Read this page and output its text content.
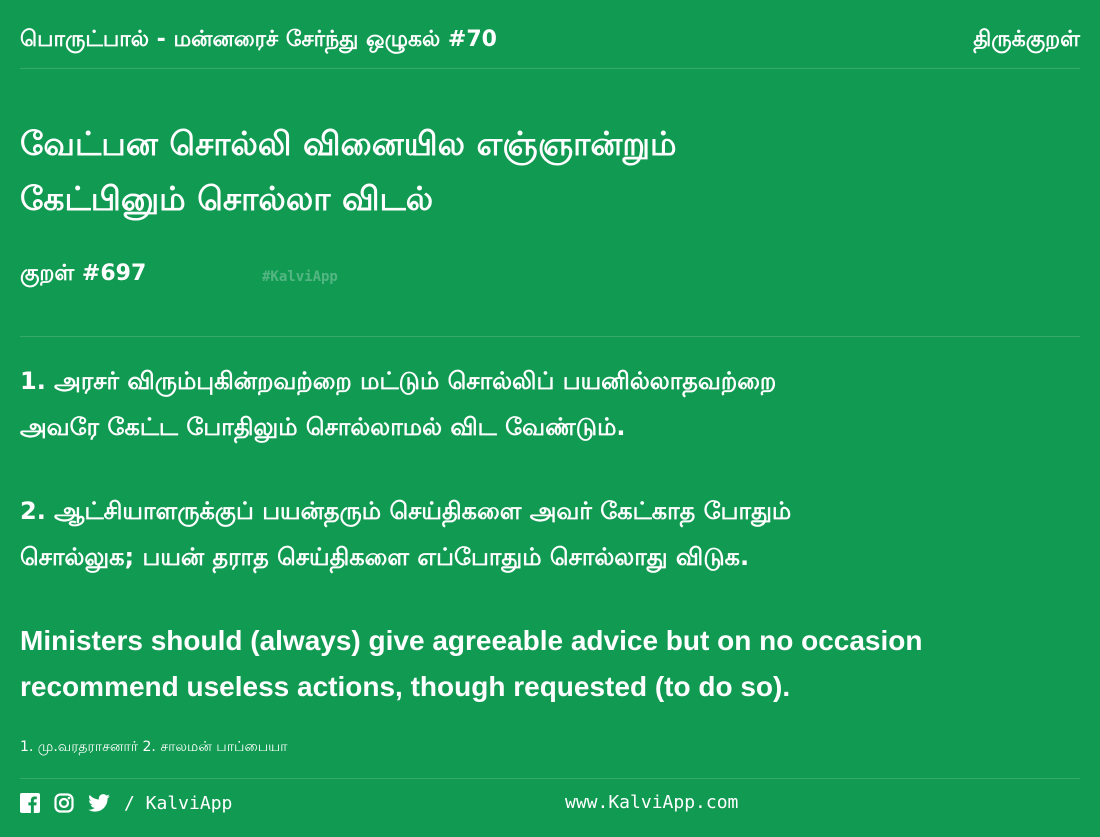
பொருட்பால் - மன்னரைச் சேர்ந்து ஒழுகல் #70	திருக்குறள்
வேட்பன சொல்லி வினையில எஞ்ஞான்றும்
கேட்பினும் சொல்லா விடல்
குறள் #697	#KalviApp
1. அரசர் விரும்புகின்றவற்றை மட்டும் சொல்லிப் பயனில்லாதவற்றை
அவரே கேட்ட போதிலும் சொல்லாமல் விட வேண்டும்.
2. ஆட்சியாளருக்குப் பயன்தரும் செய்திகளை அவர் கேட்காத போதும்
சொல்லுக; பயன் தராத செய்திகளை எப்போதும் சொல்லாது விடுக.
Ministers should (always) give agreeable advice but on no occasion
recommend useless actions, though requested (to do so).
1. மு.வரதராசனார் 2. சாலமன் பாப்பையா
/ KalviApp	www.KalviApp.com
